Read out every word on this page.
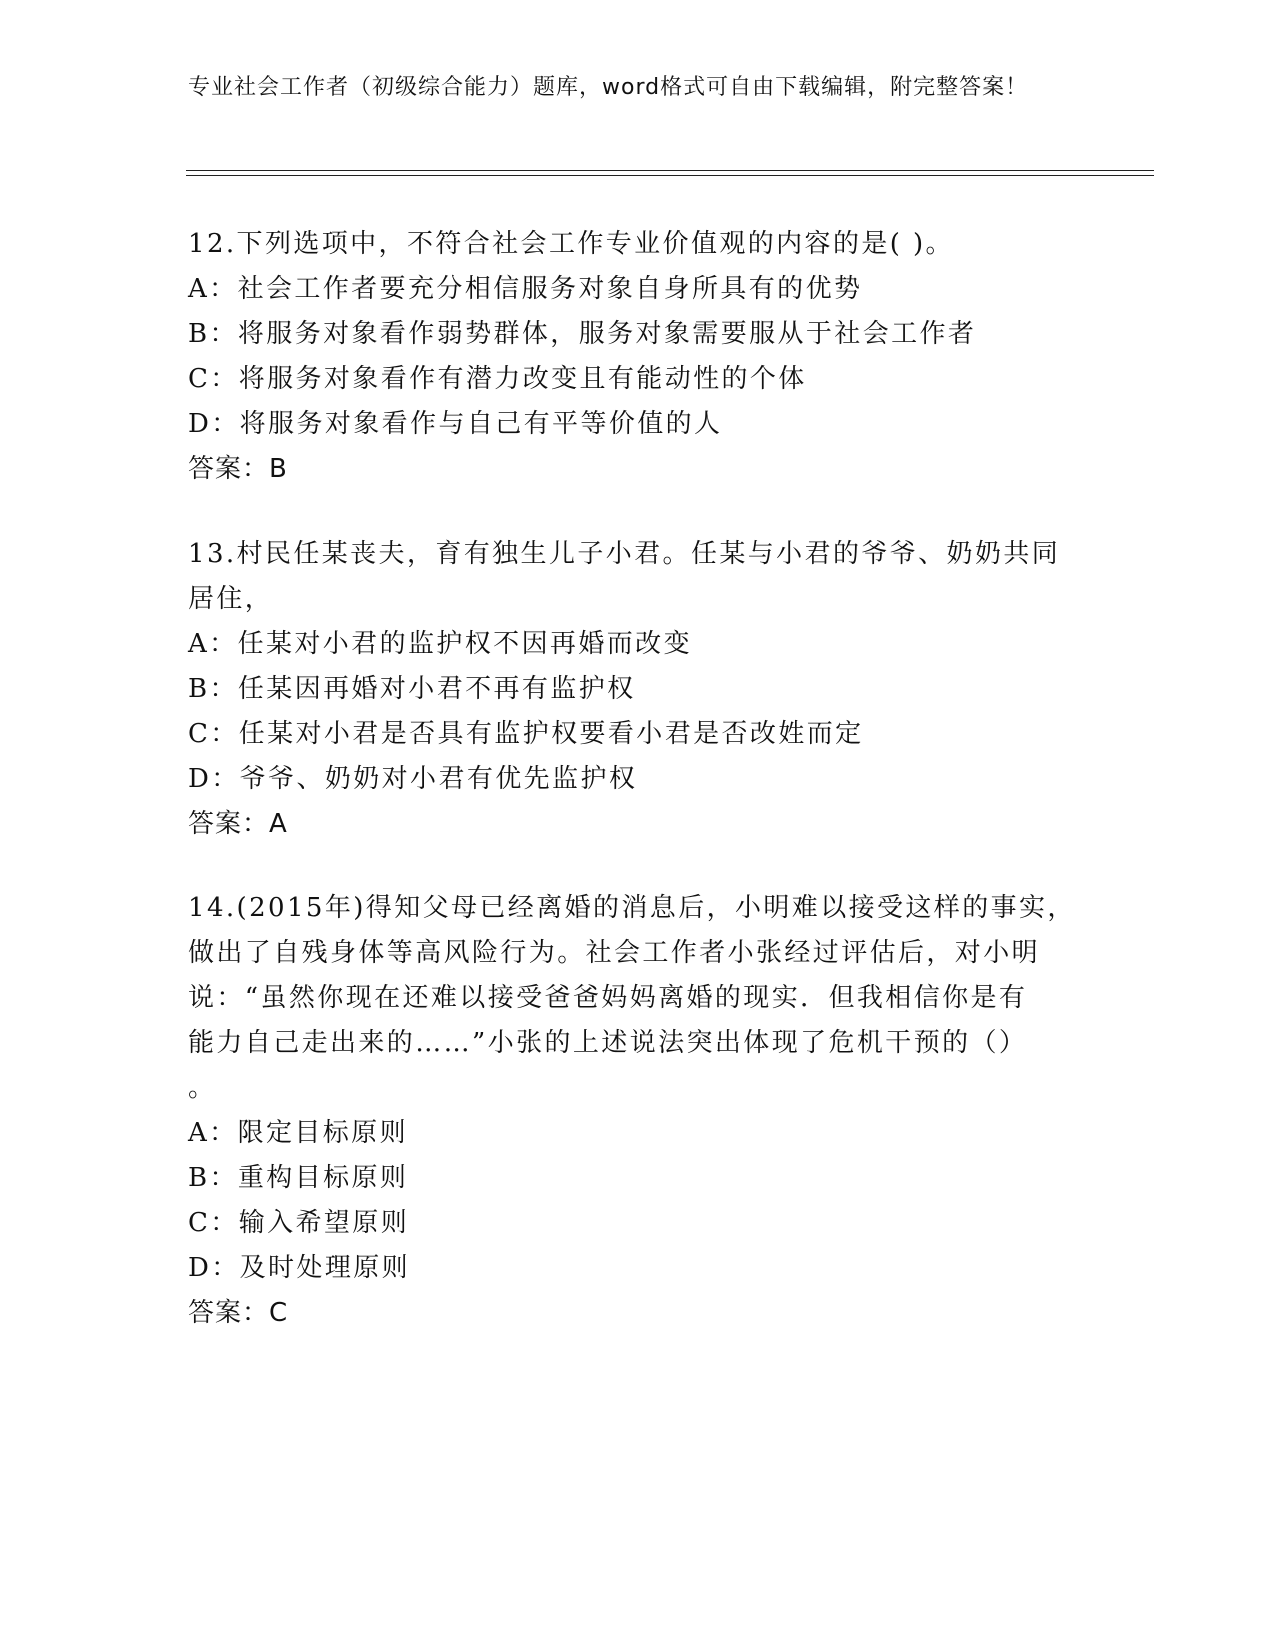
专业社会工作者（初级综合能力）题库，word格式可自由下载编辑，附完整答案！
12.下列选项中，不符合社会工作专业价值观的内容的是( )。
A：社会工作者要充分相信服务对象自身所具有的优势
B：将服务对象看作弱势群体，服务对象需要服从于社会工作者
C：将服务对象看作有潜力改变且有能动性的个体
D：将服务对象看作与自己有平等价值的人
答案：B
13.村民任某丧夫，育有独生儿子小君。任某与小君的爷爷、奶奶共同
居住，
A：任某对小君的监护权不因再婚而改变
B：任某因再婚对小君不再有监护权
C：任某对小君是否具有监护权要看小君是否改姓而定
D：爷爷、奶奶对小君有优先监护权
答案：A
14.(2015年)得知父母已经离婚的消息后，小明难以接受这样的事实，
做出了自残身体等高风险行为。社会工作者小张经过评估后，对小明
说：“虽然你现在还难以接受爸爸妈妈离婚的现实．但我相信你是有
能力自己走出来的……”小张的上述说法突出体现了危机干预的（）
。
A：限定目标原则
B：重构目标原则
C：输入希望原则
D：及时处理原则
答案：C
